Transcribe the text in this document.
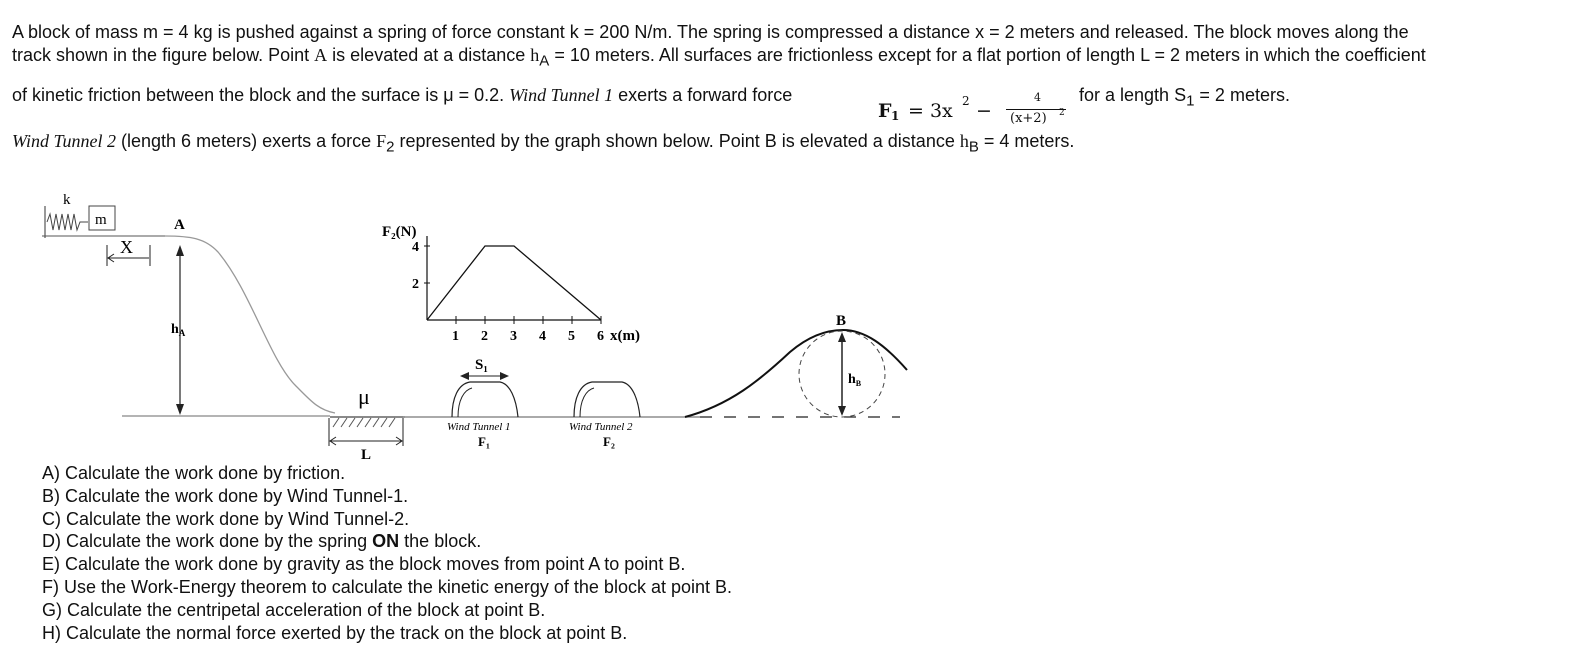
A block of mass m = 4 kg is pushed against a spring of force constant k = 200 N/m. The spring is compressed a distance x = 2 meters and released. The block moves along the
track shown in the figure below. Point A is elevated at a distance $h_A = 10$ meters. All surfaces are frictionless except for a flat portion of length L = 2 meters in which the coefficient
of kinetic friction between the block and the surface is μ = 0.2. Wind Tunnel 1 exerts a forward force	for a length $S_1 = 2$ meters.
F 1 = 3x 2 −
4
(x+2) 2
Wind Tunnel 2 (length 6 meters) exerts a force $F_2$ represented by the graph shown below. Point B is elevated a distance $h_B = 4$ meters.
k
m
X
A
$h_A$
μ
L
F₂(N)
2
4
1 2 3 4 5 6 x(m)
S₁
Wind Tunnel 1
F₁
Wind Tunnel 2
F₂
B
$h_B$
A) Calculate the work done by friction.
B) Calculate the work done by Wind Tunnel-1.
C) Calculate the work done by Wind Tunnel-2.
D) Calculate the work done by the spring ON the block.
E) Calculate the work done by gravity as the block moves from point A to point B.
F) Use the Work-Energy theorem to calculate the kinetic energy of the block at point B.
G) Calculate the centripetal acceleration of the block at point B.
H) Calculate the normal force exerted by the track on the block at point B.
